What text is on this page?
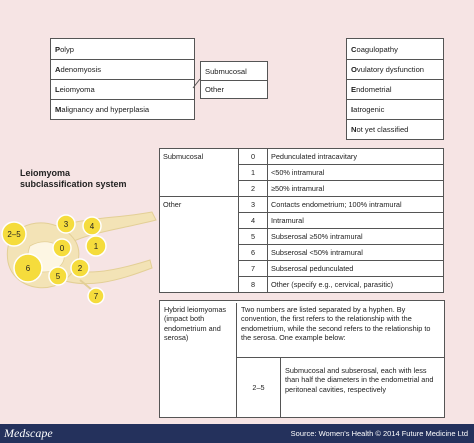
P olyp
A denomyosis
L eiomyoma
M alignancy and hyperplasia
Submucosal
Other
C oagulopathy
O vulatory dysfunction
E ndometrial
I atrogenic
N ot yet classified
Leiomyoma subclassification system
2–5
3	4
0	1
2
5
6
7
Submucosal	0	Pedunculated intracavitary
	1	<50% intramural
	2	≥50% intramural
Other	3	Contacts endometrium; 100% intramural
	4	Intramural
	5	Subserosal ≥50% intramural
	6	Subserosal <50% intramural
	7	Subserosal pedunculated
	8	Other (specify e.g., cervical, parasitic)
Hybrid leiomyomas (impact both endometrium and serosa)
Two numbers are listed separated by a hyphen. By convention, the first refers to the relationship with the endometrium, while the second refers to the relationship to the serosa. One example below:
2–5
Submucosal and subserosal, each with less than half the diameters in the endometrial and peritoneal cavities, respectively
Medscape	Source: Women's Health © 2014 Future Medicine Ltd
